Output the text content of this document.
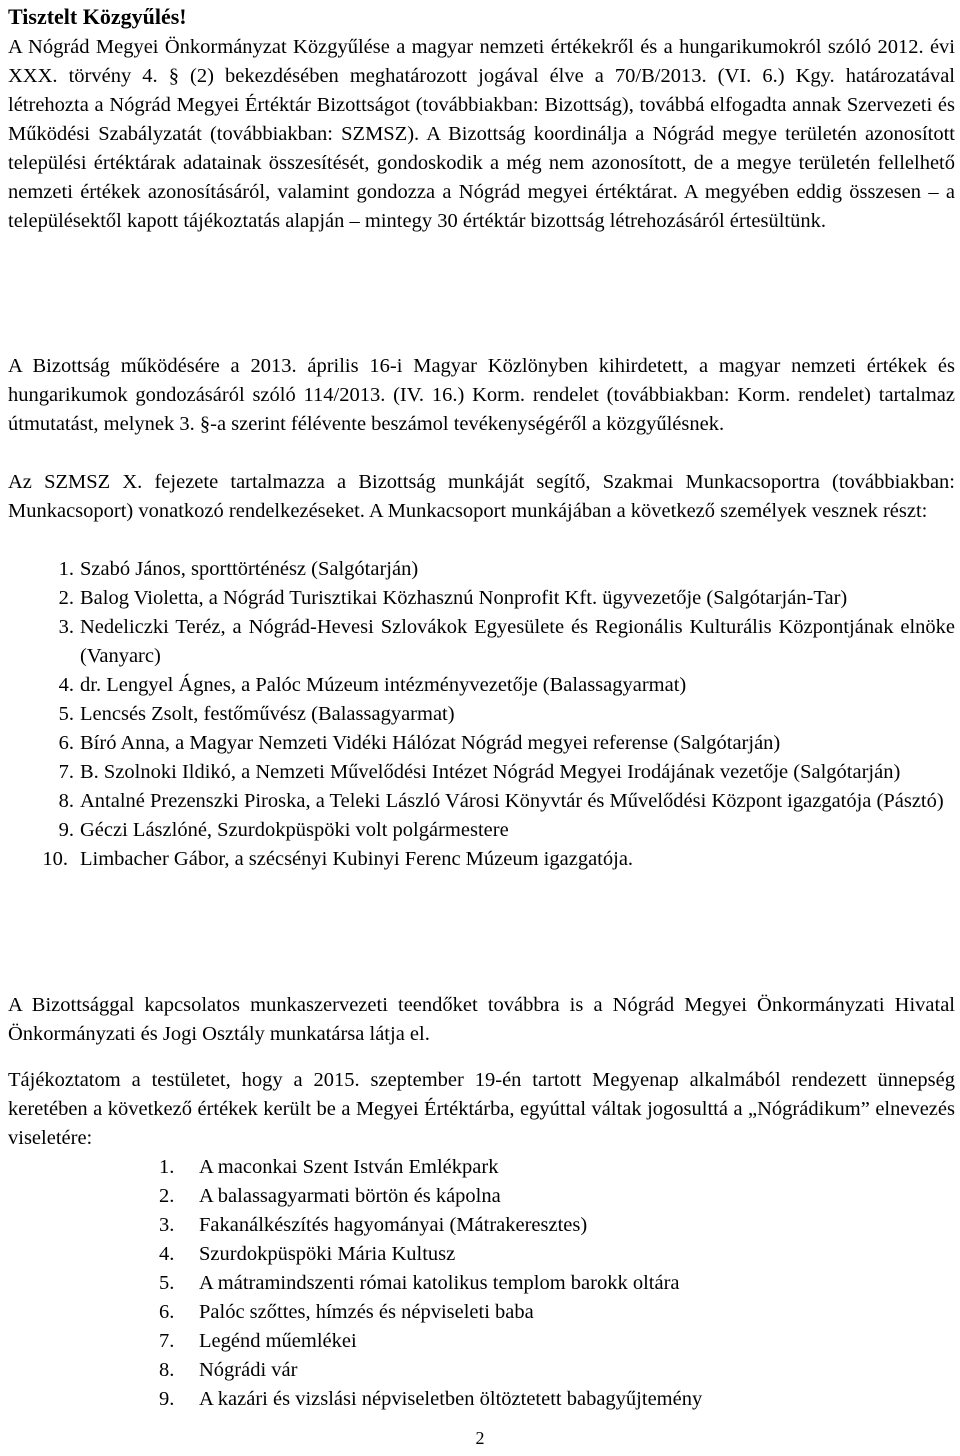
Tisztelt Közgyűlés!

A Nógrád Megyei Önkormányzat Közgyűlése a magyar nemzeti értékekről és a hungarikumokról szóló 2012. évi XXX. törvény 4. § (2) bekezdésében meghatározott jogával élve a 70/B/2013. (VI. 6.) Kgy. határozatával létrehozta a Nógrád Megyei Értéktár Bizottságot (továbbiakban: Bizottság), továbbá elfogadta annak Szervezeti és Működési Szabályzatát (továbbiakban: SZMSZ). A Bizottság koordinálja a Nógrád megye területén azonosított települési értéktárak adatainak összesítését, gondoskodik a még nem azonosított, de a megye területén fellelhető nemzeti értékek azonosításáról, valamint gondozza a Nógrád megyei értéktárat. A megyében eddig összesen – a településektől kapott tájékoztatás alapján – mintegy 30 értéktár bizottság létrehozásáról értesültünk.

A Bizottság működésére a 2013. április 16-i Magyar Közlönyben kihirdetett, a magyar nemzeti értékek és hungarikumok gondozásáról szóló 114/2013. (IV. 16.) Korm. rendelet (továbbiakban: Korm. rendelet) tartalmaz útmutatást, melynek 3. §-a szerint félévente beszámol tevékenységéről a közgyűlésnek.

Az SZMSZ X. fejezete tartalmazza a Bizottság munkáját segítő, Szakmai Munkacsoportra (továbbiakban: Munkacsoport) vonatkozó rendelkezéseket. A Munkacsoport munkájában a következő személyek vesznek részt:

1. Szabó János, sporttörténész (Salgótarján)
2. Balog Violetta, a Nógrád Turisztikai Közhasznú Nonprofit Kft. ügyvezetője (Salgótarján-Tar)
3. Nedeliczki Teréz, a Nógrád-Hevesi Szlovákok Egyesülete és Regionális Kulturális Központjának elnöke (Vanyarc)
4. dr. Lengyel Ágnes, a Palóc Múzeum intézményvezetője (Balassagyarmat)
5. Lencsés Zsolt, festőművész (Balassagyarmat)
6. Bíró Anna, a Magyar Nemzeti Vidéki Hálózat Nógrád megyei referense (Salgótarján)
7. B. Szolnoki Ildikó, a Nemzeti Művelődési Intézet Nógrád Megyei Irodájának vezetője (Salgótarján)
8. Antalné Prezenszki Piroska, a Teleki László Városi Könyvtár és Művelődési Központ igazgatója (Pásztó)
9. Géczi Lászlóné, Szurdokpüspöki volt polgármestere
10. Limbacher Gábor, a szécsényi Kubinyi Ferenc Múzeum igazgatója.

A Bizottsággal kapcsolatos munkaszervezeti teendőket továbbra is a Nógrád Megyei Önkormányzati Hivatal Önkormányzati és Jogi Osztály munkatársa látja el.

Tájékoztatom a testületet, hogy a 2015. szeptember 19-én tartott Megyenap alkalmából rendezett ünnepség keretében a következő értékek került be a Megyei Értéktárba, egyúttal váltak jogosulttá a „Nógrádikum” elnevezés viseletére:

1. A maconkai Szent István Emlékpark
2. A balassagyarmati börtön és kápolna
3. Fakanálkészítés hagyományai (Mátrakeresztes)
4. Szurdokpüspöki Mária Kultusz
5. A mátramindszenti római katolikus templom barokk oltára
6. Palóc szőttes, hímzés és népviseleti baba
7. Legénd műemlékei
8. Nógrádi vár
9. A kazári és vizslási népviseletben öltöztetett babagyűjtemény
2
